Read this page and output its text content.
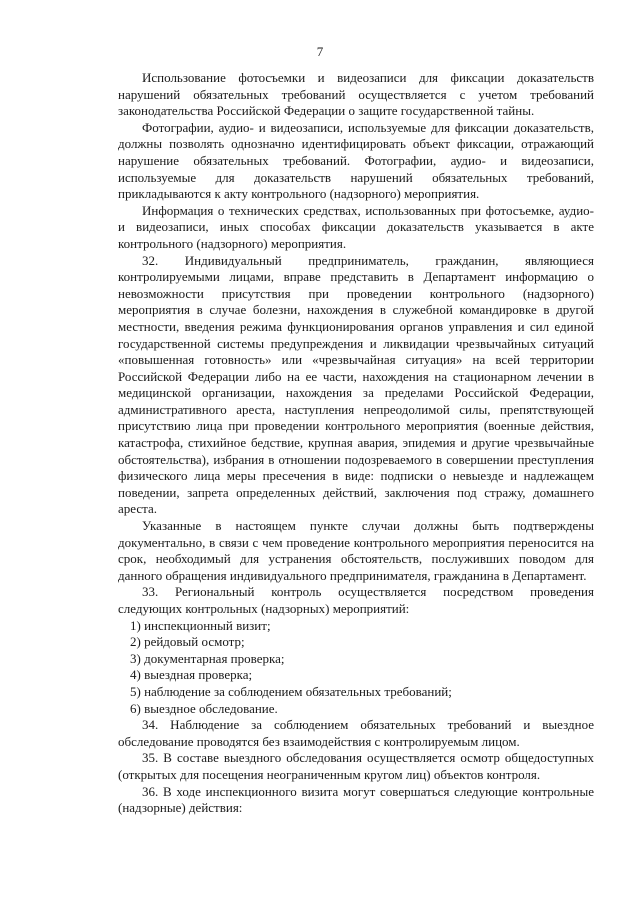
7

Использование фотосъемки и видеозаписи для фиксации доказательств нарушений обязательных требований осуществляется с учетом требований законодательства Российской Федерации о защите государственной тайны.

Фотографии, аудио- и видеозаписи, используемые для фиксации доказательств, должны позволять однозначно идентифицировать объект фиксации, отражающий нарушение обязательных требований. Фотографии, аудио- и видеозаписи, используемые для доказательств нарушений обязательных требований, прикладываются к акту контрольного (надзорного) мероприятия.

Информация о технических средствах, использованных при фотосъемке, аудио- и видеозаписи, иных способах фиксации доказательств указывается в акте контрольного (надзорного) мероприятия.

32. Индивидуальный предприниматель, гражданин, являющиеся контролируемыми лицами, вправе представить в Департамент информацию о невозможности присутствия при проведении контрольного (надзорного) мероприятия в случае болезни, нахождения в служебной командировке в другой местности, введения режима функционирования органов управления и сил единой государственной системы предупреждения и ликвидации чрезвычайных ситуаций «повышенная готовность» или «чрезвычайная ситуация» на всей территории Российской Федерации либо на ее части, нахождения на стационарном лечении в медицинской организации, нахождения за пределами Российской Федерации, административного ареста, наступления непреодолимой силы, препятствующей присутствию лица при проведении контрольного мероприятия (военные действия, катастрофа, стихийное бедствие, крупная авария, эпидемия и другие чрезвычайные обстоятельства), избрания в отношении подозреваемого в совершении преступления физического лица меры пресечения в виде: подписки о невыезде и надлежащем поведении, запрета определенных действий, заключения под стражу, домашнего ареста.

Указанные в настоящем пункте случаи должны быть подтверждены документально, в связи с чем проведение контрольного мероприятия переносится на срок, необходимый для устранения обстоятельств, послуживших поводом для данного обращения индивидуального предпринимателя, гражданина в Департамент.

33. Региональный контроль осуществляется посредством проведения следующих контрольных (надзорных) мероприятий:

1) инспекционный визит;

2) рейдовый осмотр;

3) документарная проверка;

4) выездная проверка;

5) наблюдение за соблюдением обязательных требований;

6) выездное обследование.

34. Наблюдение за соблюдением обязательных требований и выездное обследование проводятся без взаимодействия с контролируемым лицом.

35. В составе выездного обследования осуществляется осмотр общедоступных (открытых для посещения неограниченным кругом лиц) объектов контроля.

36. В ходе инспекционного визита могут совершаться следующие контрольные (надзорные) действия:
